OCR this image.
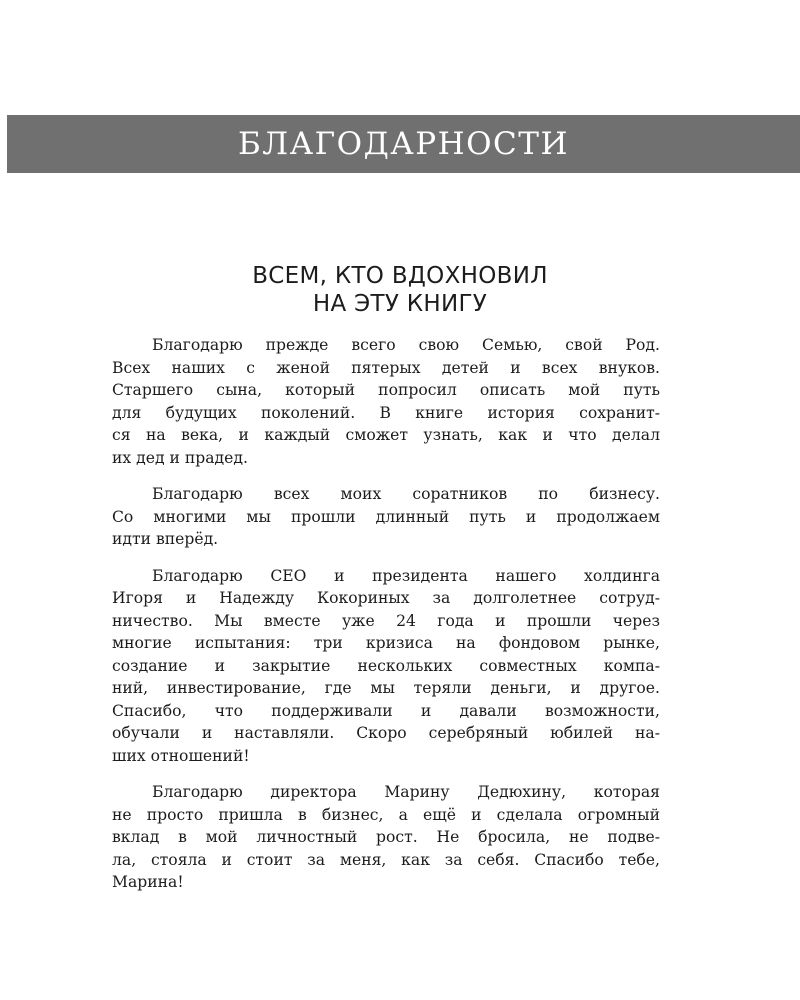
БЛАГОДАРНОСТИ
ВСЕМ, КТО ВДОХНОВИЛ
НА ЭТУ КНИГУ

Благодарю прежде всего свою Семью, свой Род.
Всех наших с женой пятерых детей и всех внуков.
Старшего сына, который попросил описать мой путь
для будущих поколений. В книге история сохранит-
ся на века, и каждый сможет узнать, как и что делал
их дед и прадед.

Благодарю всех моих соратников по бизнесу.
Со многими мы прошли длинный путь и продолжаем
идти вперёд.

Благодарю CEO и президента нашего холдинга
Игоря и Надежду Кокориных за долголетнее сотруд-
ничество. Мы вместе уже 24 года и прошли через
многие испытания: три кризиса на фондовом рынке,
создание и закрытие нескольких совместных компа-
ний, инвестирование, где мы теряли деньги, и другое.
Спасибо, что поддерживали и давали возможности,
обучали и наставляли. Скоро серебряный юбилей на-
ших отношений!

Благодарю директора Марину Дедюхину, которая
не просто пришла в бизнес, а ещё и сделала огромный
вклад в мой личностный рост. Не бросила, не подве-
ла, стояла и стоит за меня, как за себя. Спасибо тебе,
Марина!
